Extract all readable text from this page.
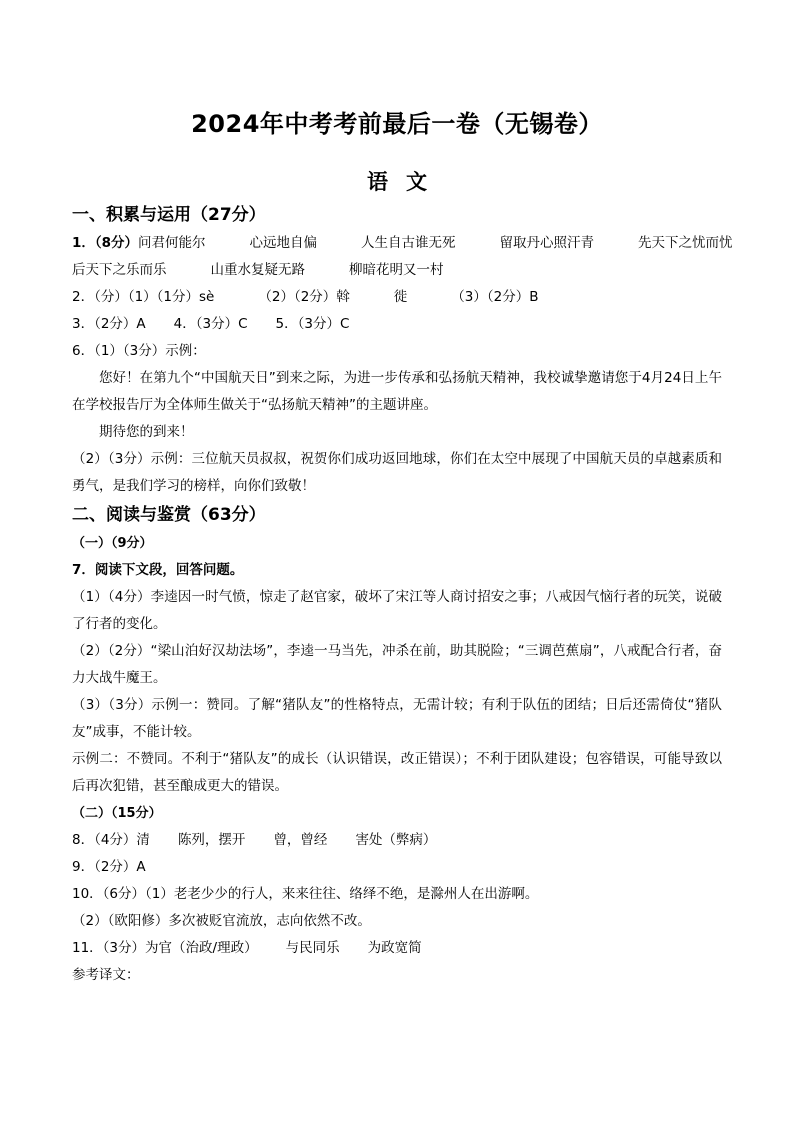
2024年中考考前最后一卷（无锡卷）
语文
一、积累与运用（27分）
1．（8分）问君何能尔	心远地自偏	人生自古谁无死	留取丹心照汗青	先天下之忧而忧
后天下之乐而乐	山重水复疑无路	柳暗花明又一村
2．（分）（1）（1分）sè	（2）（2分）斡	徙	（3）（2分）B
3．（2分）A 4．（3分）C 5．（3分）C
6．（1）（3分）示例：
您好！在第九个“中国航天日”到来之际，为进一步传承和弘扬航天精神，我校诚挚邀请您于4月24日上午在学校报告厅为全体师生做关于“弘扬航天精神”的主题讲座。
期待您的到来！
（2）（3分）示例：三位航天员叔叔，祝贺你们成功返回地球，你们在太空中展现了中国航天员的卓越素质和勇气，是我们学习的榜样，向你们致敬！
二、阅读与鉴赏（63分）
（一）（9分）
7．阅读下文段，回答问题。
（1）（4分）李逵因一时气愤，惊走了赵官家，破坏了宋江等人商讨招安之事；八戒因气恼行者的玩笑，说破了行者的变化。
（2）（2分）“梁山泊好汉劫法场”，李逵一马当先，冲杀在前，助其脱险；“三调芭蕉扇”，八戒配合行者，奋力大战牛魔王。
（3）（3分）示例一：赞同。了解“猪队友”的性格特点，无需计较；有利于队伍的团结；日后还需倚仗“猪队友”成事，不能计较。
示例二：不赞同。不利于“猪队友”的成长（认识错误，改正错误）；不利于团队建设；包容错误，可能导致以后再次犯错，甚至酿成更大的错误。
（二）（15分）
8．（4分）清 陈列，摆开 曾，曾经 害处（弊病）
9．（2分）A
10．（6分）（1）老老少少的行人，来来往往、络绎不绝，是滁州人在出游啊。
（2）（欧阳修）多次被贬官流放，志向依然不改。
11．（3分）为官（治政/理政） 与民同乐 为政宽简
参考译文：
